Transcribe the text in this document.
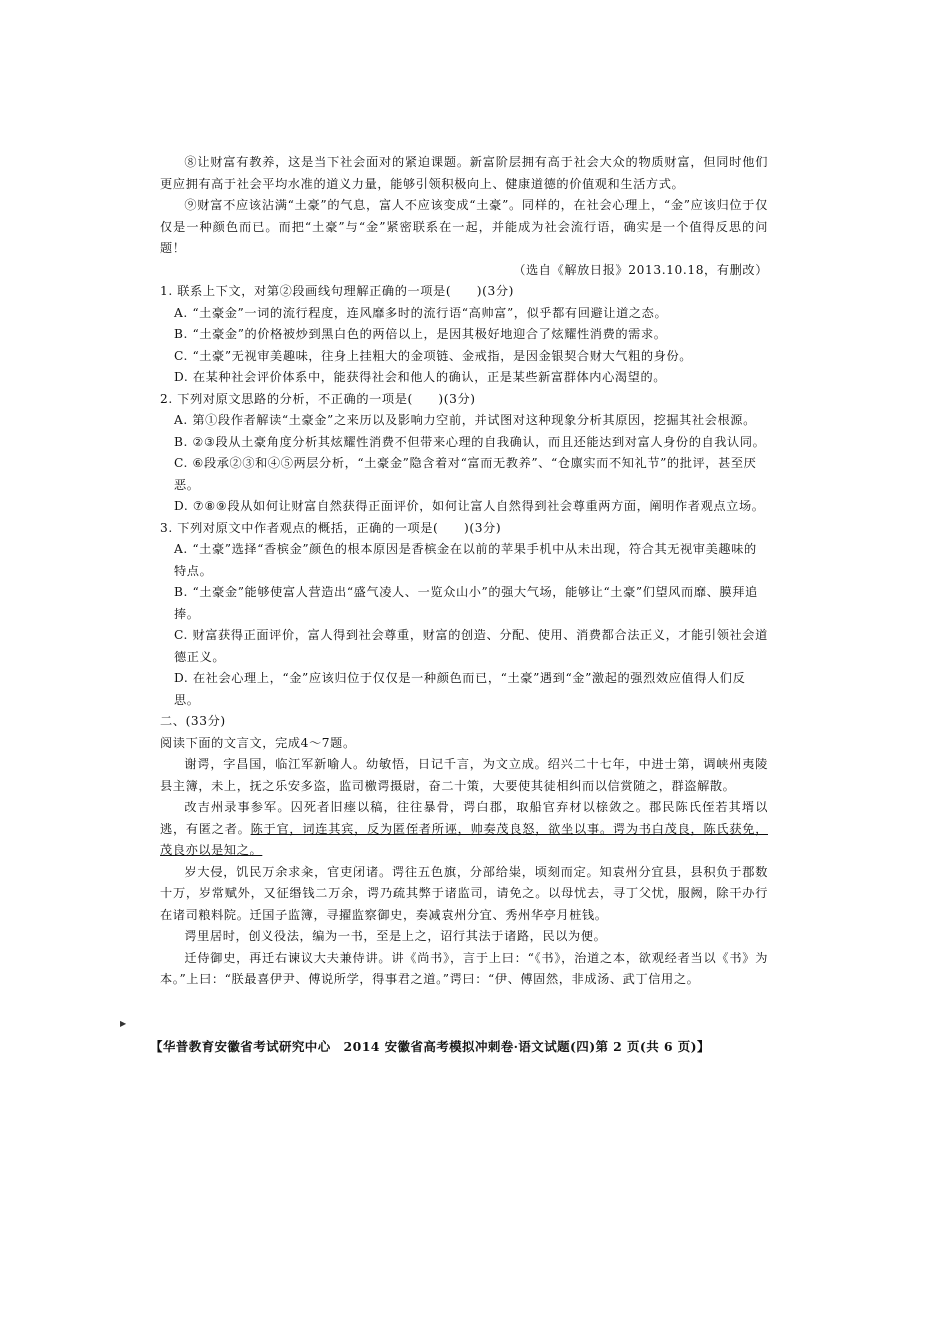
⑧让财富有教养，这是当下社会面对的紧迫课题。新富阶层拥有高于社会大众的物质财富，但同时他们更应拥有高于社会平均水准的道义力量，能够引领积极向上、健康道德的价值观和生活方式。
⑨财富不应该沾满“土豪”的气息，富人不应该变成“土豪”。同样的，在社会心理上，“金”应该归位于仅仅是一种颜色而已。而把“土豪”与“金”紧密联系在一起，并能成为社会流行语，确实是一个值得反思的问题！
（选自《解放日报》2013.10.18，有删改）
1. 联系上下文，对第②段画线句理解正确的一项是(　　)(3分)
A. “土豪金”一词的流行程度，连风靡多时的流行语“高帅富”，似乎都有回避让道之态。
B. “土豪金”的价格被炒到黑白色的两倍以上，是因其极好地迎合了炫耀性消费的需求。
C. “土豪”无视审美趣味，往身上挂粗大的金项链、金戒指，是因金银契合财大气粗的身份。
D. 在某种社会评价体系中，能获得社会和他人的确认，正是某些新富群体内心渴望的。
2. 下列对原文思路的分析，不正确的一项是(　　)(3分)
A. 第①段作者解读“土豪金”之来历以及影响力空前，并试图对这种现象分析其原因，挖掘其社会根源。
B. ②③段从土豪角度分析其炫耀性消费不但带来心理的自我确认，而且还能达到对富人身份的自我认同。
C. ⑥段承②③和④⑤两层分析，“土豪金”隐含着对“富而无教养”、“仓廪实而不知礼节”的批评，甚至厌恶。
D. ⑦⑧⑨段从如何让财富自然获得正面评价，如何让富人自然得到社会尊重两方面，阐明作者观点立场。
3. 下列对原文中作者观点的概括，正确的一项是(　　)(3分)
A. “土豪”选择“香槟金”颜色的根本原因是香槟金在以前的苹果手机中从未出现，符合其无视审美趣味的特点。
B. “土豪金”能够使富人营造出“盛气凌人、一览众山小”的强大气场，能够让“土豪”们望风而靡、膜拜追捧。
C. 财富获得正面评价，富人得到社会尊重，财富的创造、分配、使用、消费都合法正义，才能引领社会道德正义。
D. 在社会心理上，“金”应该归位于仅仅是一种颜色而已，“土豪”遇到“金”激起的强烈效应值得人们反思。
二、(33分)
阅读下面的文言文，完成4～7题。
谢谔，字昌国，临江军新喻人。幼敏悟，日记千言，为文立成。绍兴二十七年，中进士第，调峡州夷陵县主簿，未上，抚之乐安多盗，监司檄谔摄尉，奋二十策，大要使其徒相纠而以信赏随之，群盗解散。
改吉州录事参军。囚死者旧瘗以稿，往往暴骨，谔白郡，取船官弃材以榇敛之。郡民陈氏侄若其壻以逃，有匿之者。陈于官，词连其宾，反为匿侄者所诬，帅奏茂良怒，欲坐以事。谔为书白茂良，陈氏获免，茂良亦以是知之。
岁大侵，饥民万余求籴，官吏闭诸。谔往五色旗，分部给粜，顷刻而定。知袁州分宜县，县积负于郡数十万，岁常赋外，又征缗钱二万余，谔乃疏其弊于诸监司，请免之。以母忧去，寻丁父忧，服阙，除干办行在诸司粮料院。迁国子监簿，寻擢监察御史，奏减袁州分宜、秀州华亭月桩钱。
谔里居时，创义役法，编为一书，至是上之，诏行其法于诸路，民以为便。
迁侍御史，再迁右谏议大夫兼侍讲。讲《尚书》，言于上曰：“《书》，治道之本，欲观经者当以《书》为本。”上曰：“朕最喜伊尹、傅说所学，得事君之道。”谔曰：“伊、傅固然，非成汤、武丁信用之。
▶
【华普教育安徽省考试研究中心　2014 安徽省高考模拟冲刺卷·语文试题(四)第 2 页(共 6 页)】
